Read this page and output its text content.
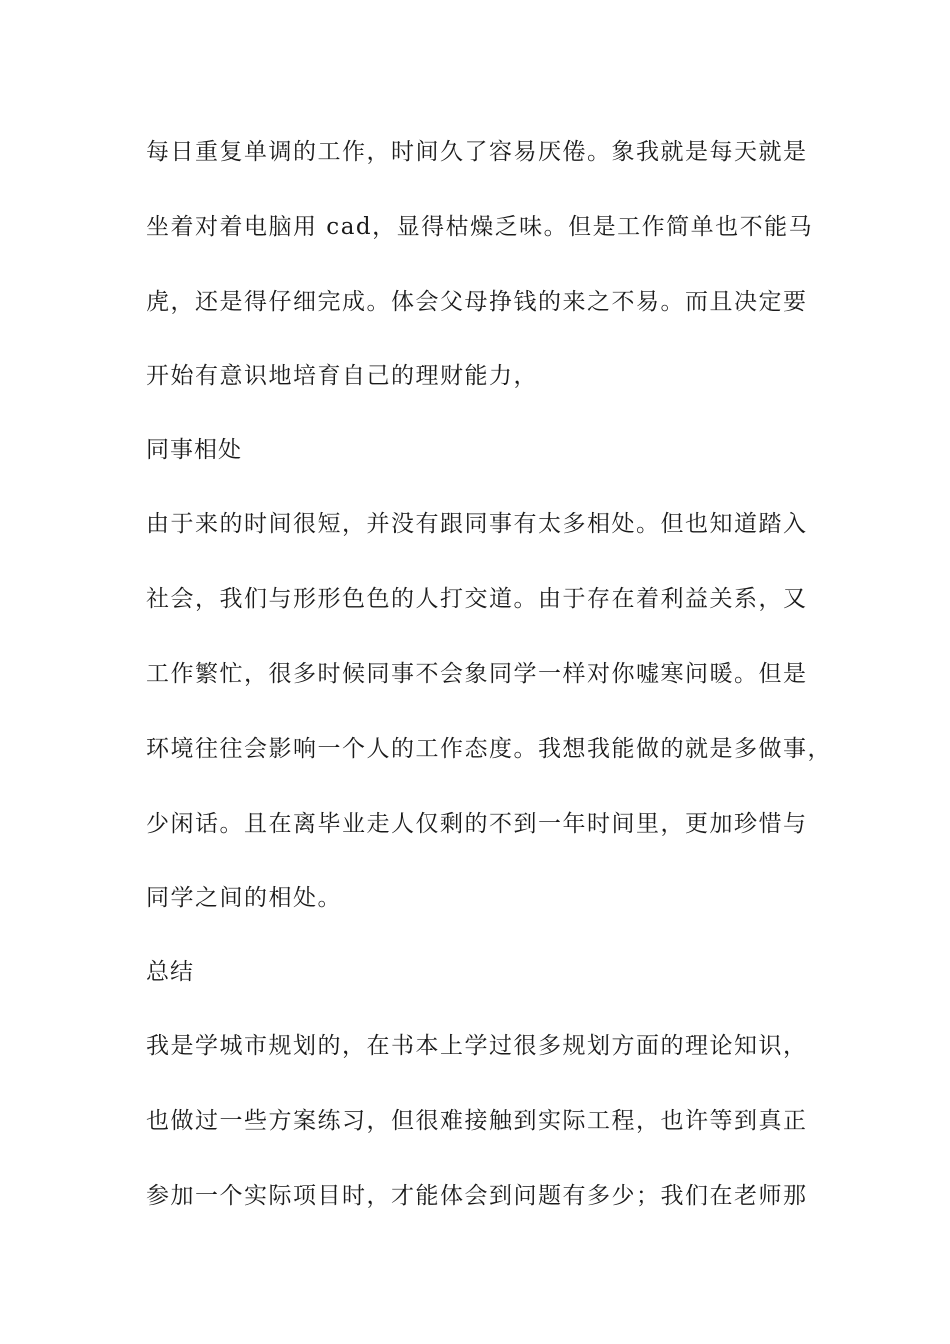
每日重复单调的工作，时间久了容易厌倦。象我就是每天就是
坐着对着电脑用 cad，显得枯燥乏味。但是工作简单也不能马
虎，还是得仔细完成。体会父母挣钱的来之不易。而且决定要
开始有意识地培育自己的理财能力，
同事相处
由于来的时间很短，并没有跟同事有太多相处。但也知道踏入
社会，我们与形形色色的人打交道。由于存在着利益关系，又
工作繁忙，很多时候同事不会象同学一样对你嘘寒问暖。但是
环境往往会影响一个人的工作态度。我想我能做的就是多做事，
少闲话。且在离毕业走人仅剩的不到一年时间里，更加珍惜与
同学之间的相处。
总结
我是学城市规划的，在书本上学过很多规划方面的理论知识，
也做过一些方案练习，但很难接触到实际工程，也许等到真正
参加一个实际项目时，才能体会到问题有多少；我们在老师那
